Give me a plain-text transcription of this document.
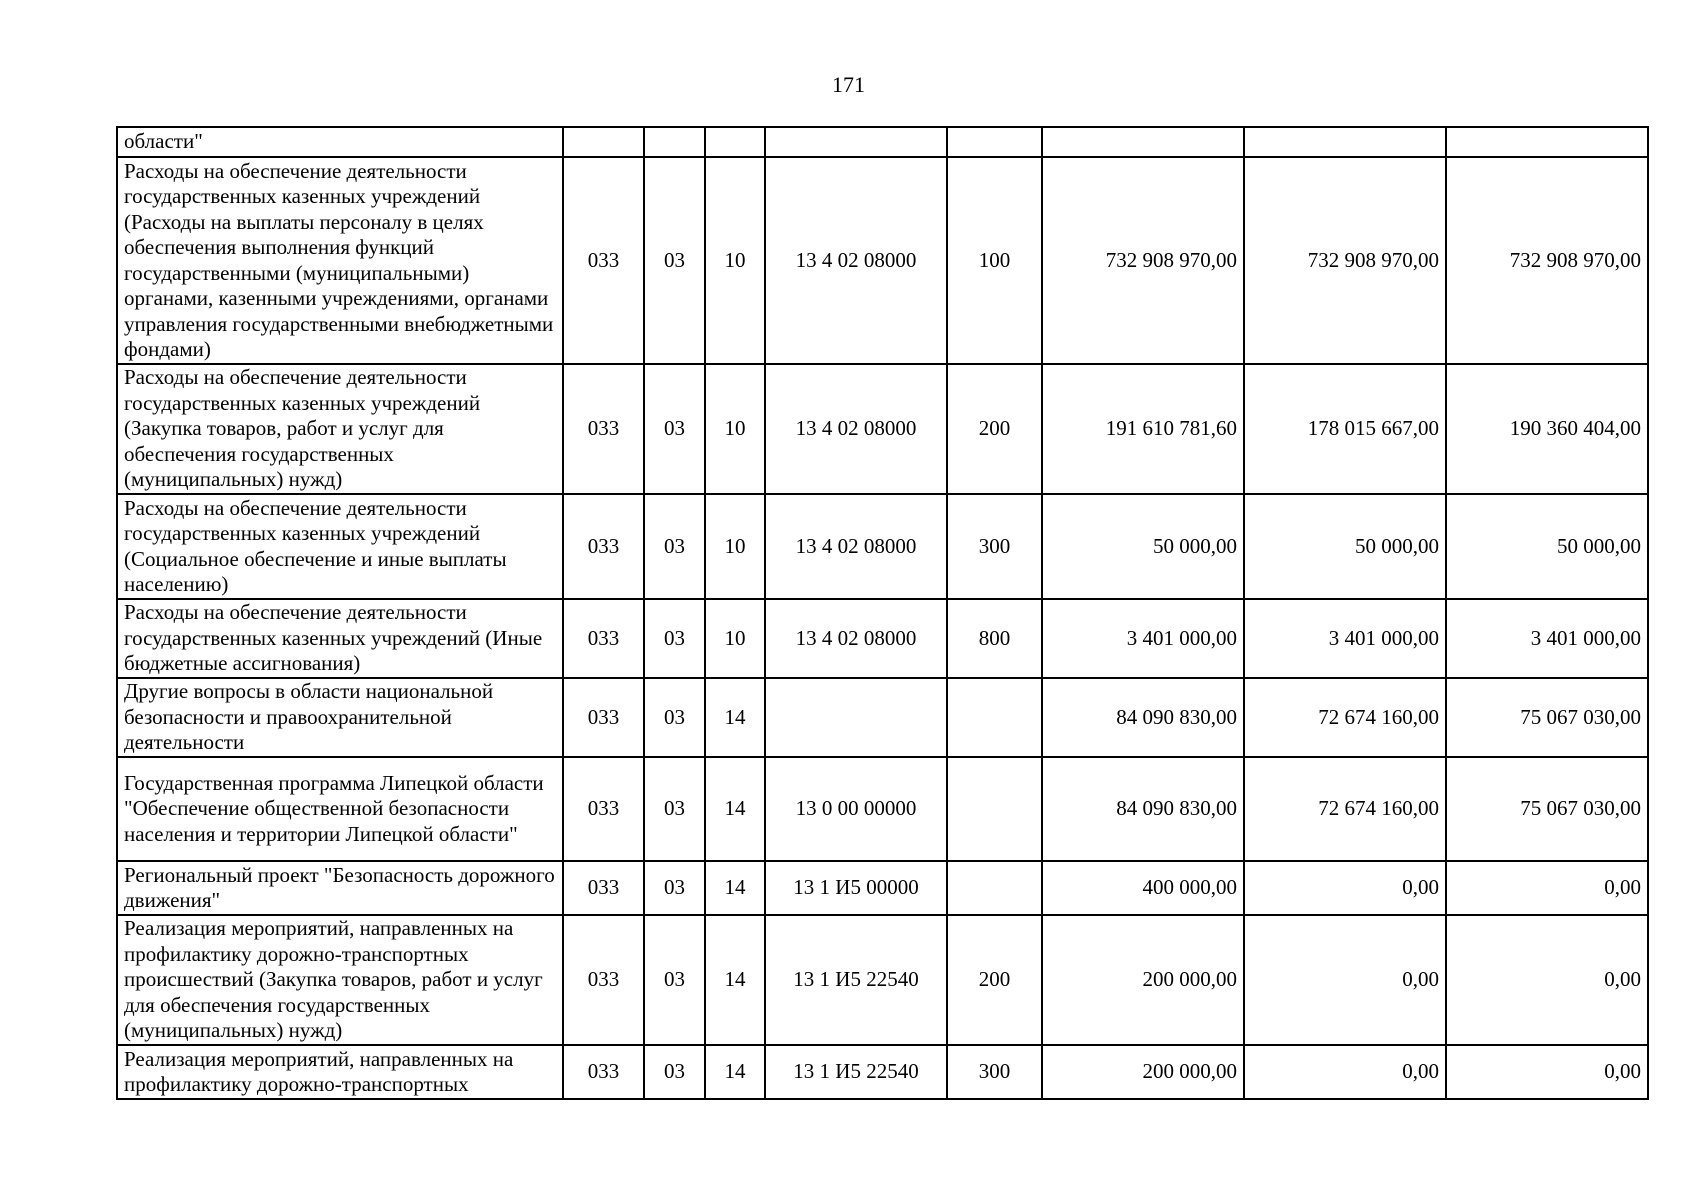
171
области"								
Расходы на обеспечение деятельности государственных казенных учреждений (Расходы на выплаты персоналу в целях обеспечения выполнения функций государственными (муниципальными) органами, казенными учреждениями, органами управления государственными внебюджетными фондами)	033	03	10	13 4 02 08000	100	732 908 970,00	732 908 970,00	732 908 970,00
Расходы на обеспечение деятельности государственных казенных учреждений (Закупка товаров, работ и услуг для обеспечения государственных (муниципальных) нужд)	033	03	10	13 4 02 08000	200	191 610 781,60	178 015 667,00	190 360 404,00
Расходы на обеспечение деятельности государственных казенных учреждений (Социальное обеспечение и иные выплаты населению)	033	03	10	13 4 02 08000	300	50 000,00	50 000,00	50 000,00
Расходы на обеспечение деятельности государственных казенных учреждений (Иные бюджетные ассигнования)	033	03	10	13 4 02 08000	800	3 401 000,00	3 401 000,00	3 401 000,00
Другие вопросы в области национальной безопасности и правоохранительной деятельности	033	03	14			84 090 830,00	72 674 160,00	75 067 030,00
Государственная программа Липецкой области "Обеспечение общественной безопасности населения и территории Липецкой области"	033	03	14	13 0 00 00000		84 090 830,00	72 674 160,00	75 067 030,00
Региональный проект "Безопасность дорожного движения"	033	03	14	13 1 И5 00000		400 000,00	0,00	0,00
Реализация мероприятий, направленных на профилактику дорожно-транспортных происшествий (Закупка товаров, работ и услуг для обеспечения государственных (муниципальных) нужд)	033	03	14	13 1 И5 22540	200	200 000,00	0,00	0,00
Реализация мероприятий, направленных на профилактику дорожно-транспортных	033	03	14	13 1 И5 22540	300	200 000,00	0,00	0,00
